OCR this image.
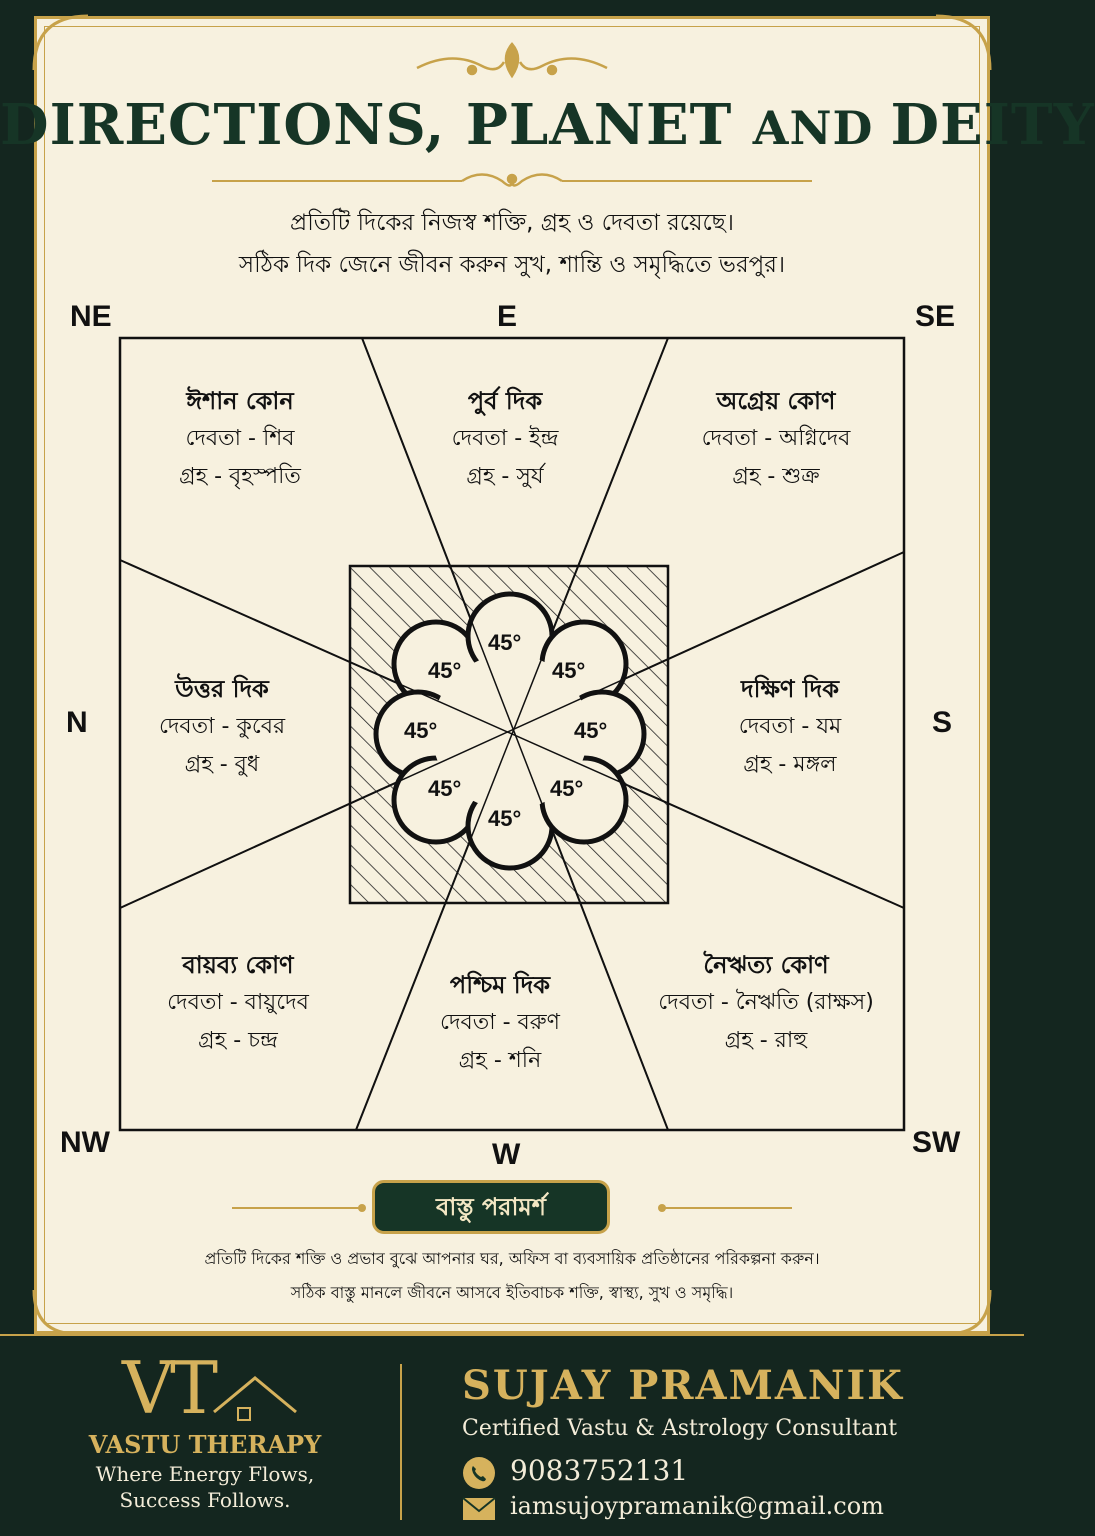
DIRECTIONS, PLANET AND DEITY
প্রতিটি দিকের নিজস্ব শক্তি, গ্রহ ও দেবতা রয়েছে।
সঠিক দিক জেনে জীবন করুন সুখ, শান্তি ও সমৃদ্ধিতে ভরপুর।
NE	E	SE
N	S
NW	W	SW
45°
45°	45°
45°	45°
45°	45°
45°
ঈশান কোন
দেবতা - শিব
গ্রহ - বৃহস্পতি
পুর্ব দিক
দেবতা - ইন্দ্র
গ্রহ - সুর্য
অগ্রেয় কোণ
দেবতা - অগ্নিদেব
গ্রহ - শুক্র
উত্তর দিক
দেবতা - কুবের
গ্রহ - বুধ
দক্ষিণ দিক
দেবতা - যম
গ্রহ - মঙ্গল
বায়ব্য কোণ
দেবতা - বায়ুদেব
গ্রহ - চন্দ্র
পশ্চিম দিক
দেবতা - বরুণ
গ্রহ - শনি
নৈঋত্য কোণ
দেবতা - নৈঋতি (রাক্ষস)
গ্রহ - রাহু
বাস্তু পরামর্শ
প্রতিটি দিকের শক্তি ও প্রভাব বুঝে আপনার ঘর, অফিস বা ব্যবসায়িক প্রতিষ্ঠানের পরিকল্পনা করুন।
সঠিক বাস্তু মানলে জীবনে আসবে ইতিবাচক শক্তি, স্বাস্থ্য, সুখ ও সমৃদ্ধি।
VT
VASTU THERAPY
Where Energy Flows,
Success Follows.
SUJAY PRAMANIK
Certified Vastu & Astrology Consultant
9083752131
iamsujoypramanik@gmail.com
